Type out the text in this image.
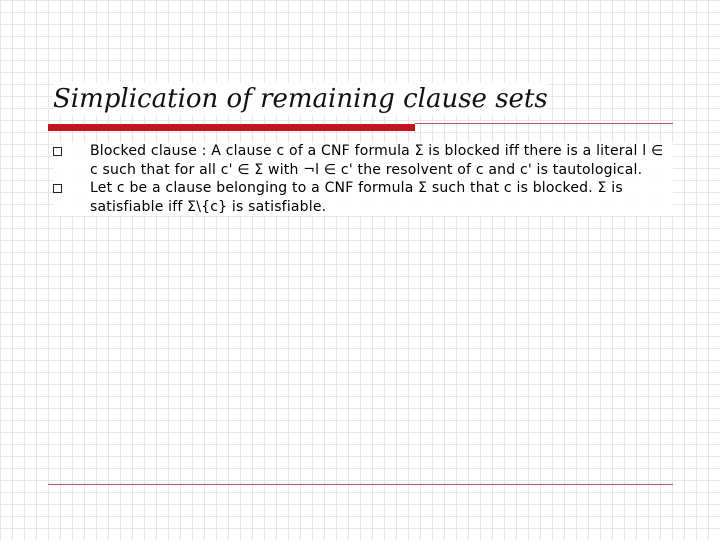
Simplication of remaining clause sets
Blocked clause : A clause c of a CNF formula Σ is blocked iff there is a literal l ∈ c such that for all c' ∈ Σ with ¬l ∈ c' the resolvent of c and c' is tautological.
Let c be a clause belonging to a CNF formula Σ such that c is blocked. Σ is satisfiable iff Σ\{c} is satisfiable.
